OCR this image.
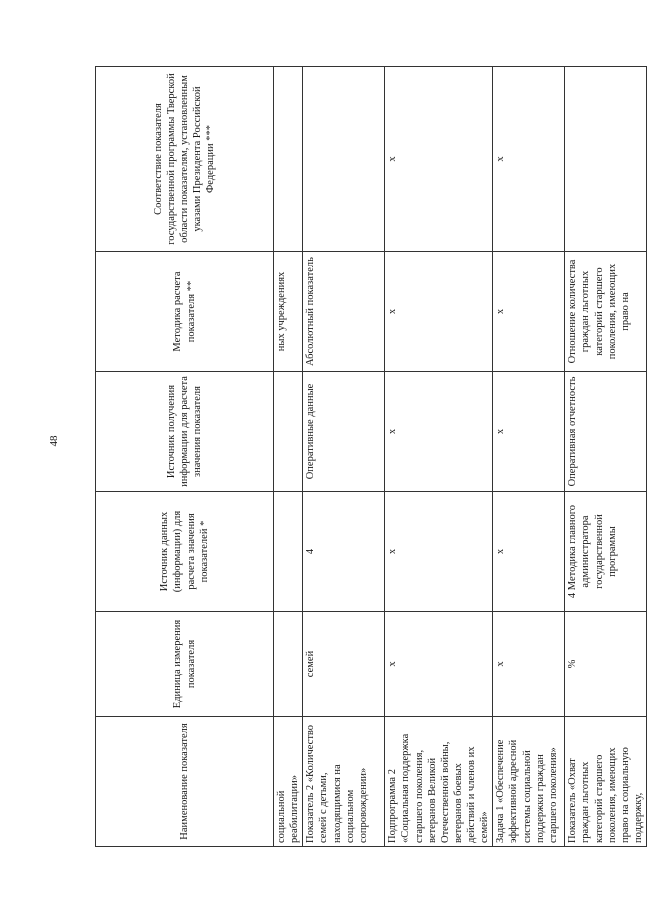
48
Наименование показателя	Единица измерения показателя	Источник данных (информации) для расчета значения показателей *	Источник получения информации для расчета значения показателя	Методика расчета показателя **	Соответствие показателя государственной программы Тверской области показателям, установленным указами Президента Российской Федерации ***
социальной реабилитации»				ных учреждениях	
Показатель 2 «Количество семей с детьми, находящимися на социальном сопровождении»	семей	4	Оперативные данные	Абсолютный показатель	
Подпрограмма 2 «Социальная поддержка старшего поколения, ветеранов Великой Отечественной войны, ветеранов боевых действий и членов их семей»	х	х	х	х	х
Задача 1 «Обеспечение эффективной адресной системы социальной поддержки граждан старшего поколения»	х	х	х	х	х
Показатель «Охват граждан льготных категорий старшего поколения, имеющих право на социальную поддержку,	%	4 Методика главного администратора государственной программы	Оперативная отчетность	Отношение количества граждан льготных категорий старшего поколения, имеющих право на	
